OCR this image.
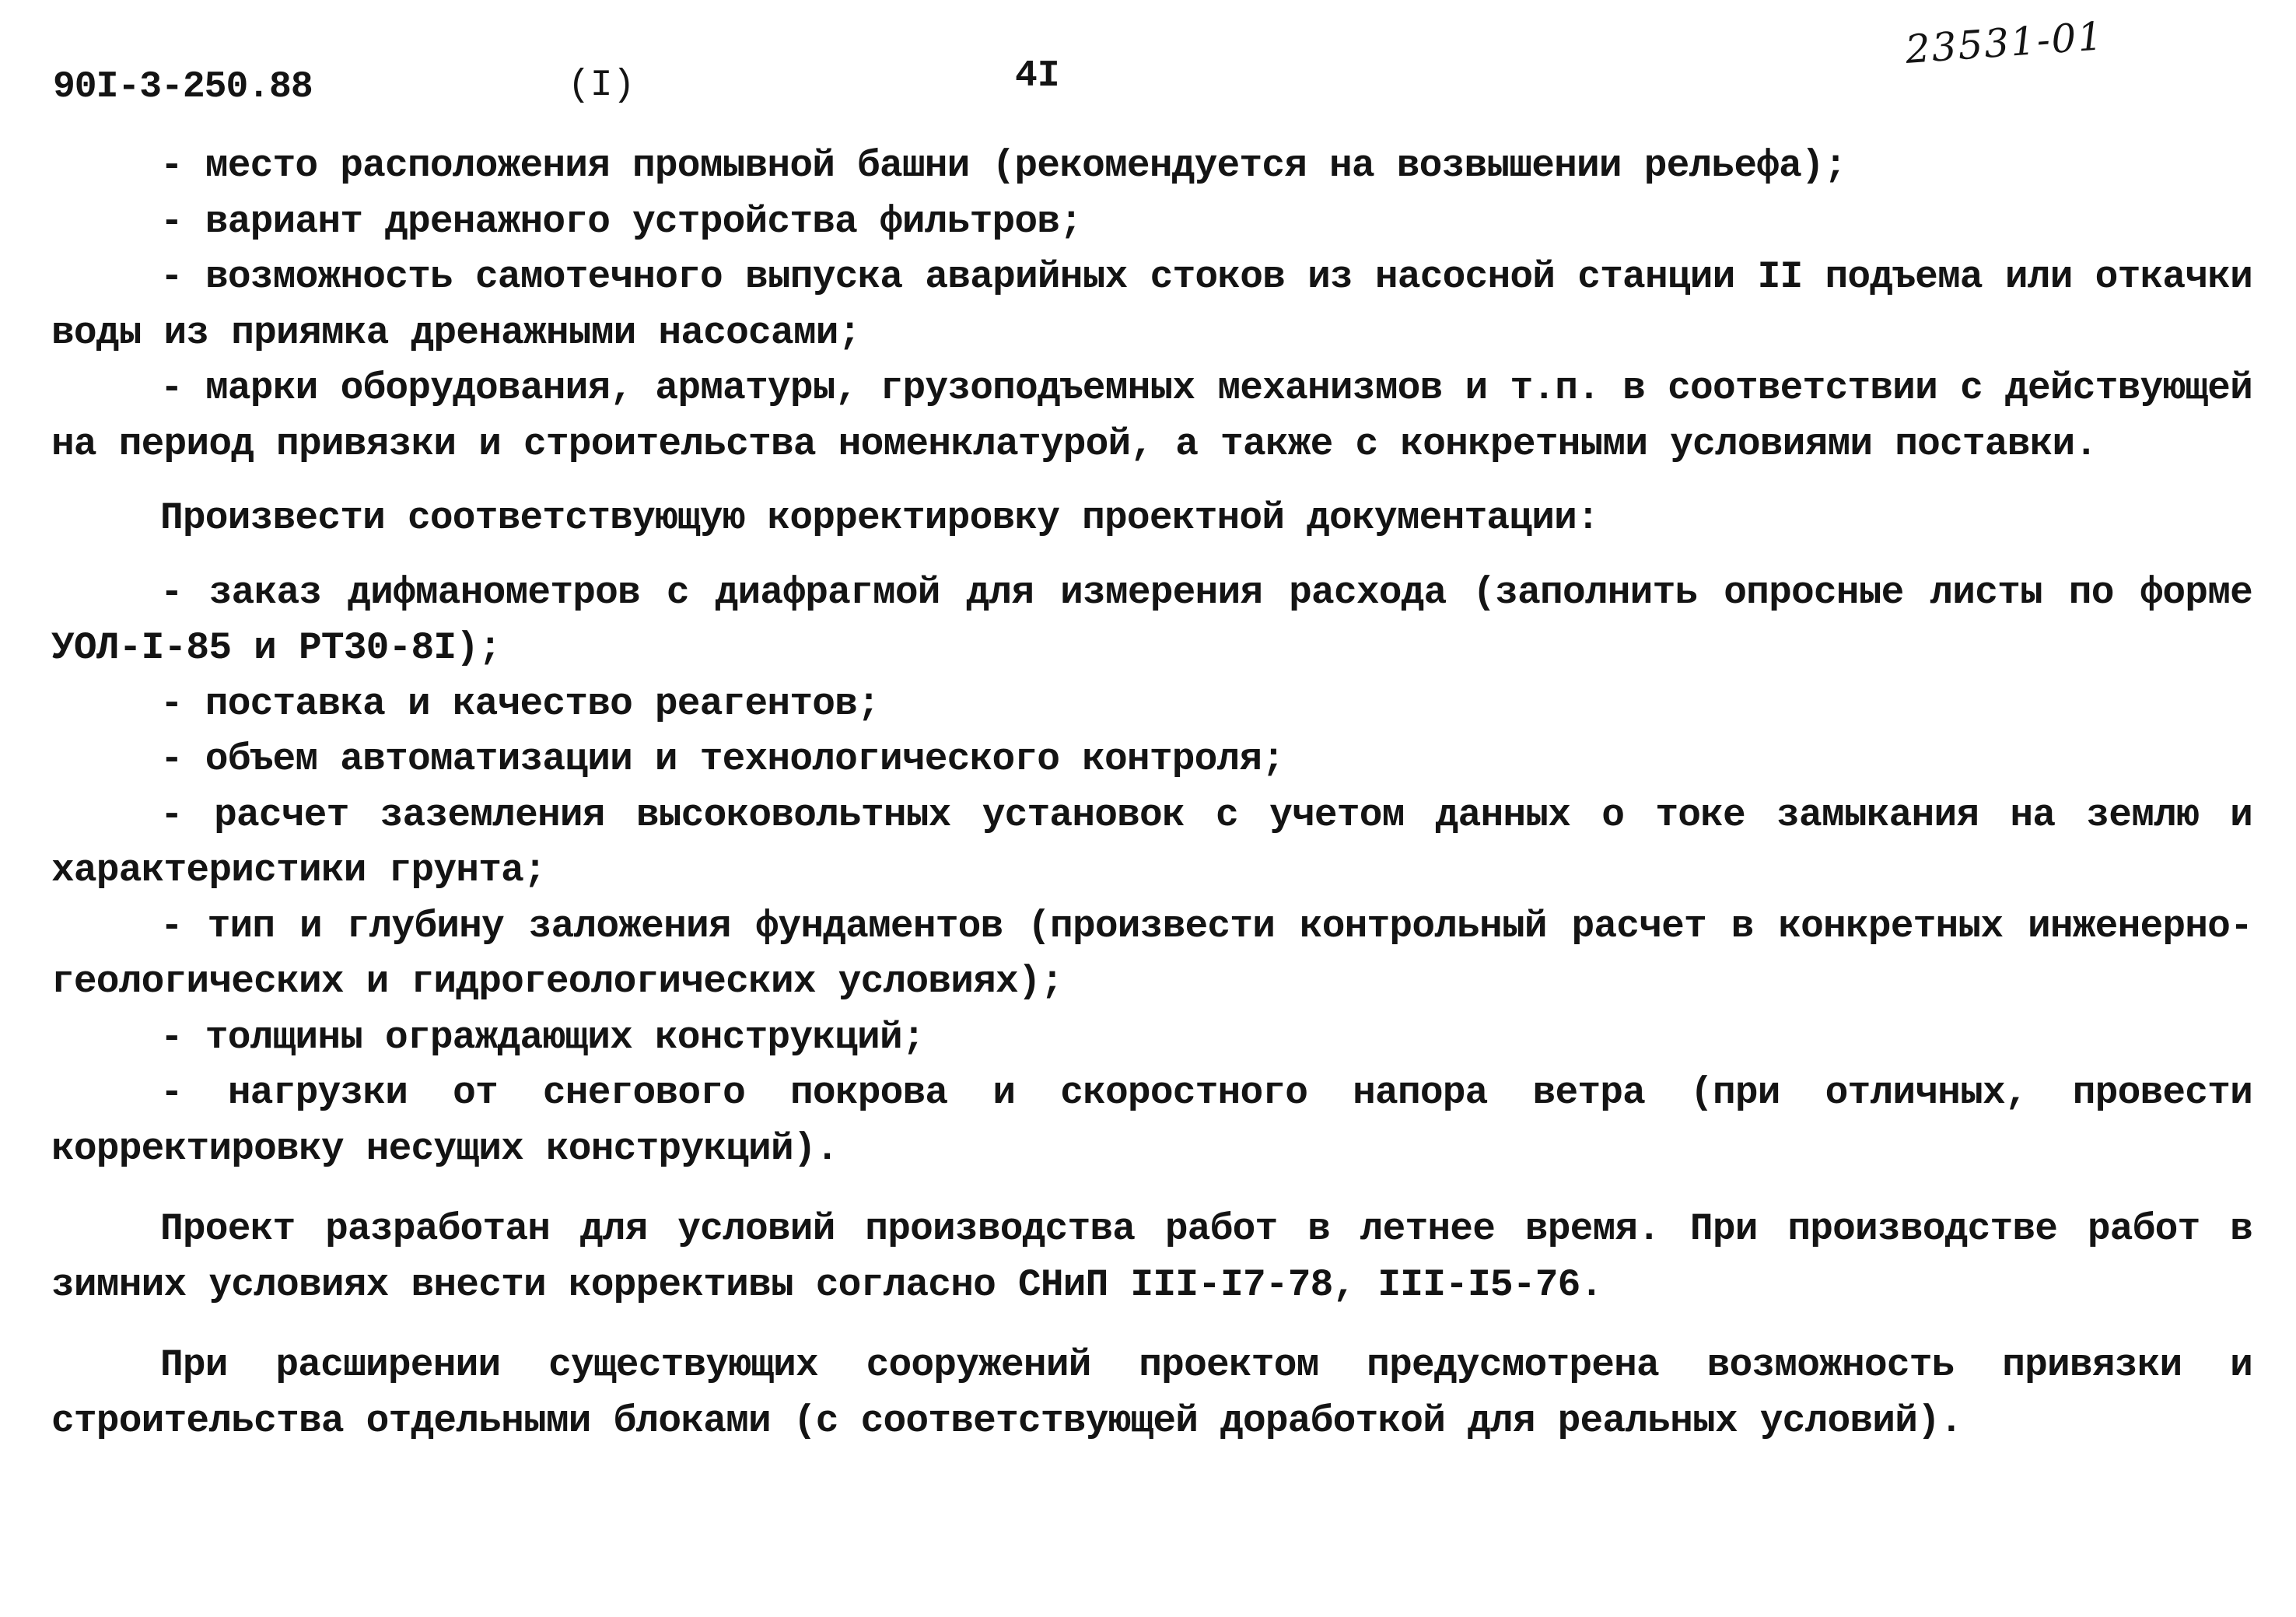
90I-3-250.88	(I)	4I
23531-01

- место расположения промывной башни (рекомендуется на возвышении рельефа);

- вариант дренажного устройства фильтров;

- возможность самотечного выпуска аварийных стоков из насосной станции II подъема или откачки воды из приямка дренажными насосами;

- марки оборудования, арматуры, грузоподъемных механизмов и т.п. в соответствии с действующей на период привязки и строительства номенклатурой, а также с конкретными условиями поставки.

Произвести соответствующую корректировку проектной документации:

- заказ дифманометров с диафрагмой для измерения расхода (заполнить опросные листы по форме УОЛ-I-85 и РТ30-8I);

- поставка и качество реагентов;

- объем автоматизации и технологического контроля;

- расчет заземления высоковольтных установок с учетом данных о токе замыкания на землю и характеристики грунта;

- тип и глубину заложения фундаментов (произвести контрольный расчет в конкретных инженерно-геологических и гидрогеологических условиях);

- толщины ограждающих конструкций;

- нагрузки от снегового покрова и скоростного напора ветра (при отличных, провести корректировку несущих конструкций).

Проект разработан для условий производства работ в летнее время. При производстве работ в зимних условиях внести коррективы согласно СНиП III-I7-78, III-I5-76.

При расширении существующих сооружений проектом предусмотрена возможность привязки и строительства отдельными блоками (с соответствующей доработкой для реальных условий).
